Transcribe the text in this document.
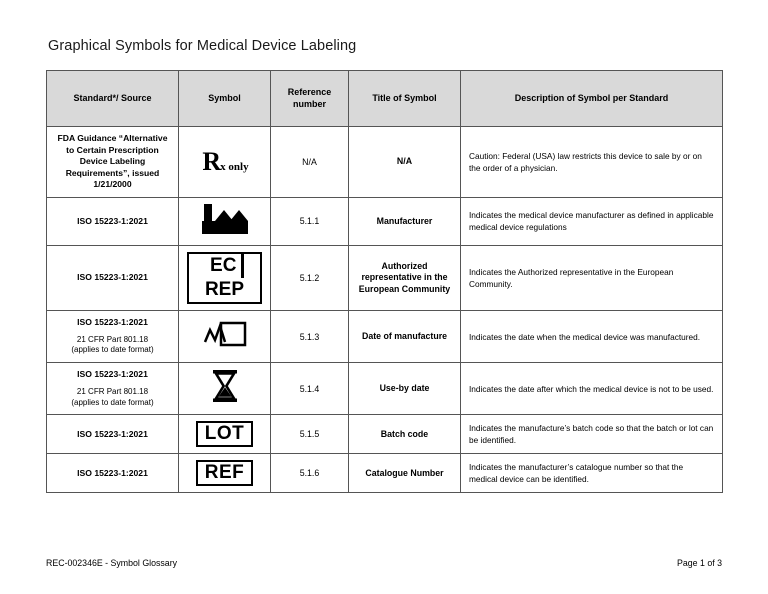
Graphical Symbols for Medical Device Labeling
Standard*/ Source	Symbol	Reference number	Title of Symbol	Description of Symbol per Standard
FDA Guidance “Alternative to Certain Prescription Device Labeling Requirements”, issued 1/21/2000	Rx only	N/A	N/A	Caution: Federal (USA) law restricts this device to sale by or on the order of a physician.
ISO 15223-1:2021		5.1.1	Manufacturer	Indicates the medical device manufacturer as defined in applicable medical device regulations
ISO 15223-1:2021	ECREP	5.1.2	Authorized representative in the European Community	Indicates the Authorized representative in the European Community.
ISO 15223-1:2021
21 CFR Part 801.18
(applies to date format)		5.1.3	Date of manufacture	Indicates the date when the medical device was manufactured.
ISO 15223-1:2021
21 CFR Part 801.18
(applies to date format)		5.1.4	Use-by date	Indicates the date after which the medical device is not to be used.
ISO 15223-1:2021	LOT	5.1.5	Batch code	Indicates the manufacture’s batch code so that the batch or lot can be identified.
ISO 15223-1:2021	REF	5.1.6	Catalogue Number	Indicates the manufacturer’s catalogue number so that the medical device can be identified.
REC-002346E - Symbol Glossary	Page 1 of 3
